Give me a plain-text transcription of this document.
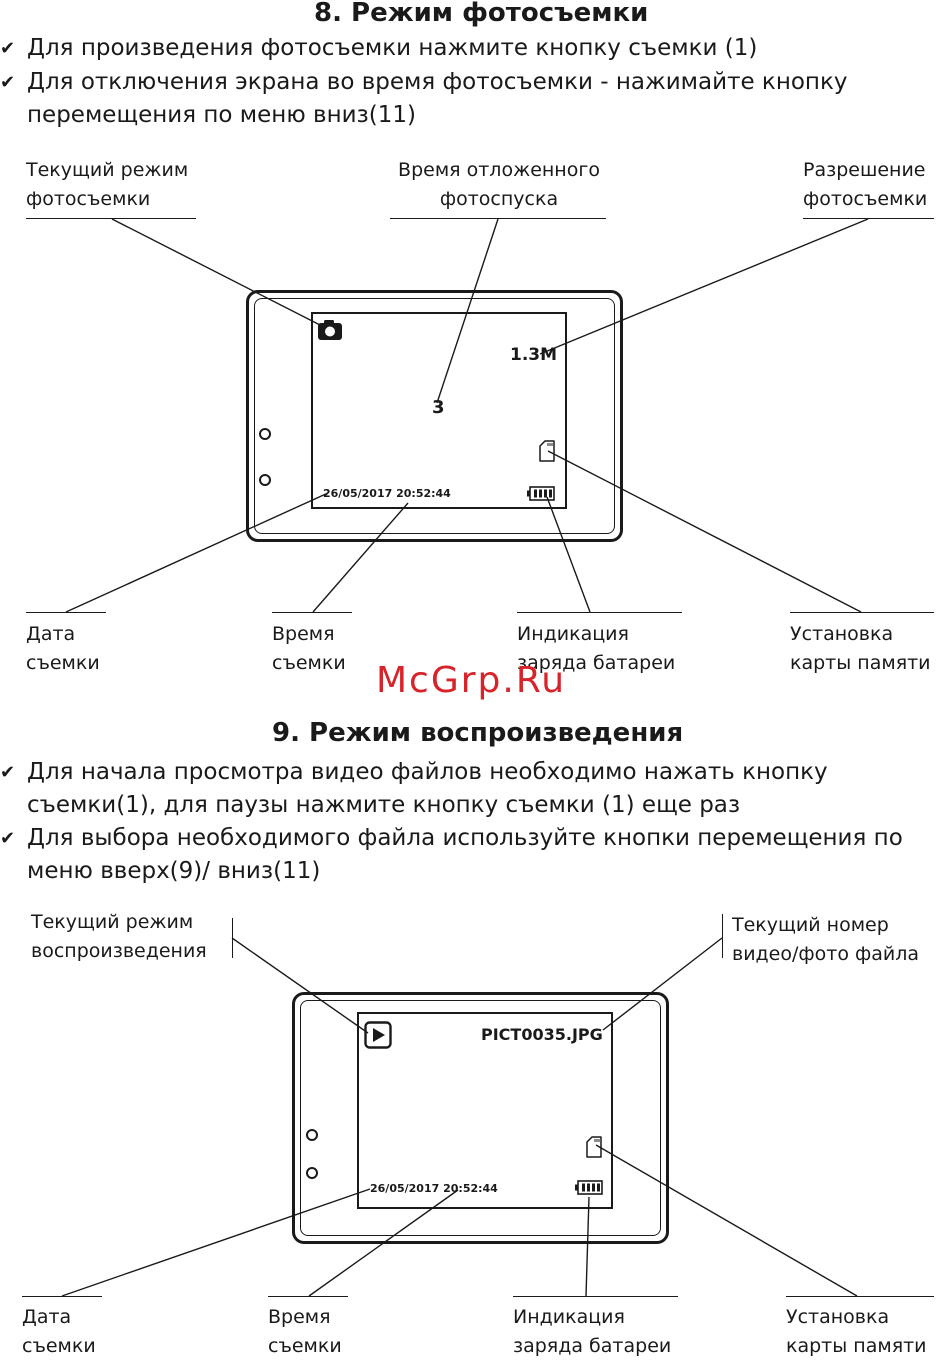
8. Режим фотосъемки
✔ Для произведения фотосъемки нажмите кнопку съемки (1)
✔ Для отключения экрана во время фотосъемки - нажимайте кнопку
перемещения по меню вниз(11)
Текущий режим
фотосъемки
Время отложенного
фотоспуска
Разрешение
фотосъемки
1.3M
3
26/05/2017 20:52:44
Дата
съемки
Время
съемки
Индикация
заряда батареи
Установка
карты памяти
McGrp.Ru
9. Режим воспроизведения
✔ Для начала просмотра видео файлов необходимо нажать кнопку
съемки(1), для паузы нажмите кнопку съемки (1) еще раз
✔ Для выбора необходимого файла используйте кнопки перемещения по
меню вверх(9)/ вниз(11)
Текущий режим
воспроизведения
Текущий номер
видео/фото файла
PICT0035.JPG
26/05/2017 20:52:44
Дата
съемки
Время
съемки
Индикация
заряда батареи
Установка
карты памяти
